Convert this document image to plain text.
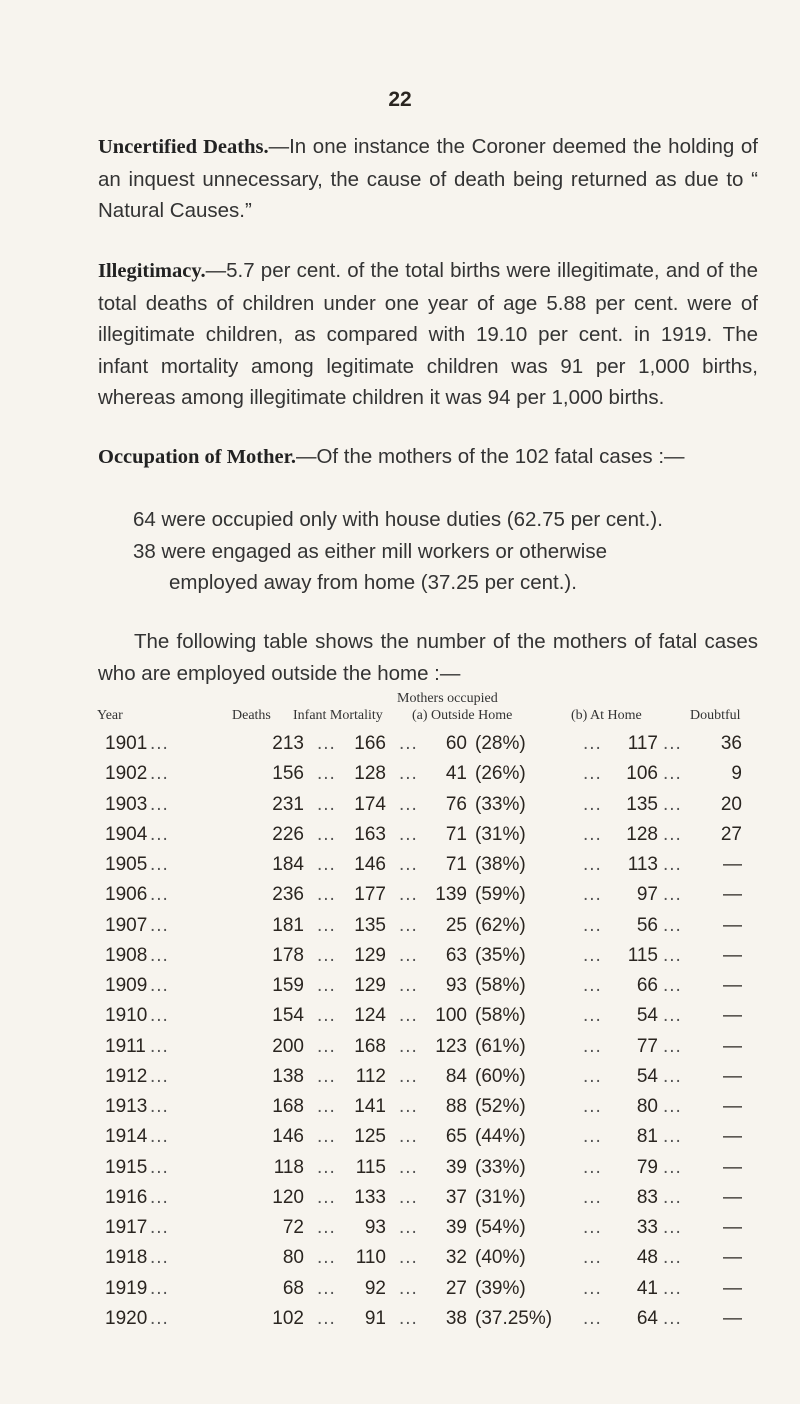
22
Uncertified Deaths.—In one instance the Coroner deemed the holding of an inquest unnecessary, the cause of death being returned as due to “ Natural Causes.”
Illegitimacy.—5.7 per cent. of the total births were illegitimate, and of the total deaths of children under one year of age 5.88 per cent. were of illegitimate children, as compared with 19.10 per cent. in 1919. The infant mortality among legitimate children was 91 per 1,000 births, whereas among illegitimate children it was 94 per 1,000 births.
Occupation of Mother.—Of the mothers of the 102 fatal cases :—
64 were occupied only with house duties (62.75 per cent.).
38 were engaged as either mill workers or otherwise
employed away from home (37.25 per cent.).
The following table shows the number of the mothers of fatal cases who are employed outside the home :—
Mothers occupied
Year	Deaths Infant Mortality (a) Outside Home	(b) At Home	Doubtful
1901	213	166	60 (28%)	117	36
...	...	...	...	...
1902	156	128	41 (26%)	106	9
...	...	...	...	...
1903	231	174	76 (33%)	135	20
...	...	...	...	...
1904	226	163	71 (31%)	128	27
...	...	...	...	...
1905	184	146	71 (38%)	113	—
...	...	...	...	...
1906	236	177	139 (59%)	97	—
...	...	...	...	...
1907	181	135	25 (62%)	56	—
...	...	...	...	...
1908	178	129	63 (35%)	115	—
...	...	...	...	...
1909	159	129	93 (58%)	66	—
...	...	...	...	...
1910	154	124	100 (58%)	54	—
...	...	...	...	...
1911	200	168	123 (61%)	77	—
...	...	...	...	...
1912	138	112	84 (60%)	54	—
...	...	...	...	...
1913	168	141	88 (52%)	80	—
...	...	...	...	...
1914	146	125	65 (44%)	81	—
...	...	...	...	...
1915	118	115	39 (33%)	79	—
...	...	...	...	...
1916	120	133	37 (31%)	83	—
...	...	...	...	...
1917	72	93	39 (54%)	33	—
...	...	...	...	...
1918	80	110	32 (40%)	48	—
...	...	...	...	...
1919	68	92	27 (39%)	41	—
...	...	...	...	...
1920	102	91	38 (37.25%)	64	—
...	...	...	...	...
